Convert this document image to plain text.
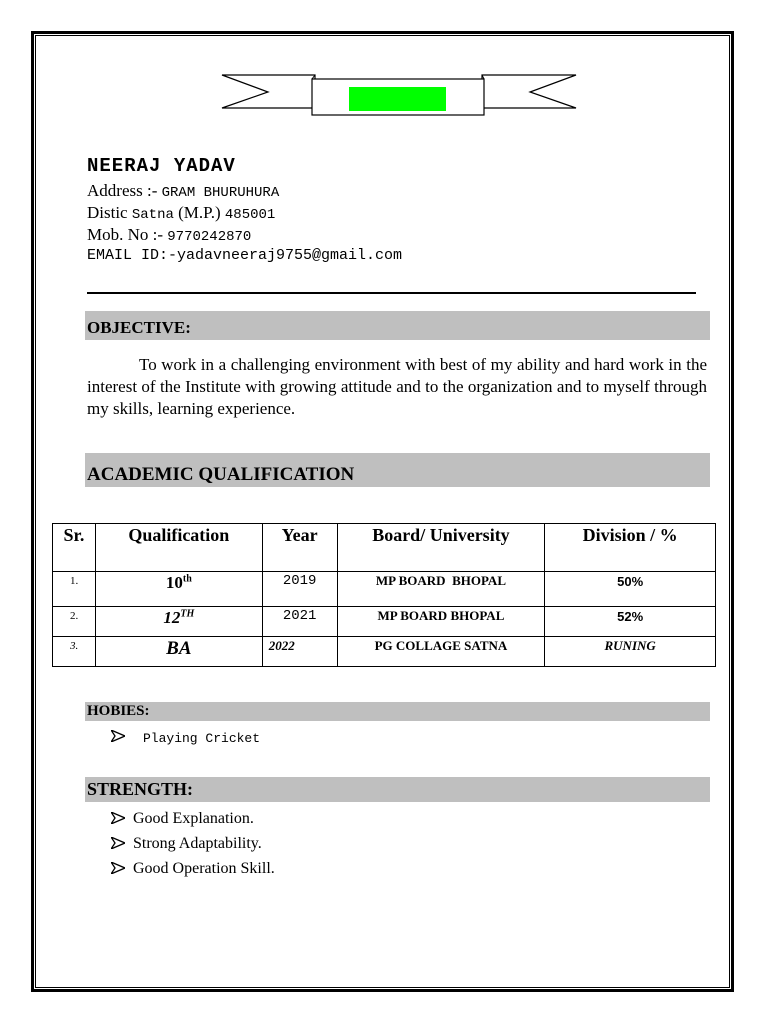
NEERAJ YADAV
Address :- GRAM BHURUHURA
Distic Satna (M.P.) 485001
Mob. No :- 9770242870
EMAIL ID:-yadavneeraj9755@gmail.com
OBJECTIVE:
To work in a challenging environment with best of my ability and hard work in the interest of the Institute with growing attitude and to the organization and to myself through my skills, learning experience.
ACADEMIC QUALIFICATION
Sr.	Qualification	Year	Board/ University	Division / %
1.	10th	2019	MP BOARD  BHOPAL	50%
2.	12TH	2021	MP BOARD BHOPAL	52%
3.	BA	2022	PG COLLAGE SATNA	RUNING
HOBIES:
Playing Cricket
STRENGTH:
Good Explanation.
Strong Adaptability.
Good Operation Skill.
